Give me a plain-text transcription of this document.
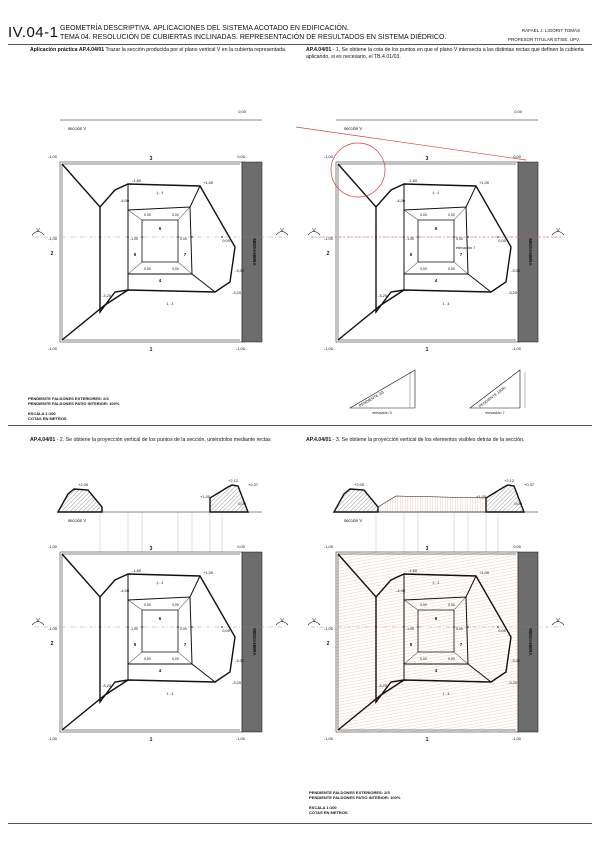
IV.04-1 GEOMETRÍA DESCRIPTIVA. APLICACIONES DEL SISTEMA ACOTADO EN EDIFICACIÓN.
TEMA 04. RESOLUCIÓN DE CUBIERTAS INCLINADAS. REPRESENTACIÓN DE RESULTADOS EN SISTEMA DIÉDRICO.
RAFAEL J. LIGORIT TOMÁS
PROFESOR TITULAR ETSIE. UPV.
Aplicación práctica AP.4.04/01 Trazar la sección producida por el plano vertical V en la cubierta representada.	AP.4.04/01 - 1. Se obtiene la cota de los puntos en que el plano V intersecta a las distintas rectas que definen la cubierta aplicando, si es necesario, el TB.4.01/03.
AP.4.04/01 - 2. Se obtiene la proyección vertical de los puntos de la sección, uniéndolos mediante rectas	AP.4.04/01 - 3. Se obtiene la proyección vertical de los elementos visibles detrás de la sección.
PENDIENTE FALDONES EXTERIORES: 2/3
PENDIENTE FALDONES PATIO INTERIOR: 100%
ESCALA 1:100
COTAS EN METROS
PENDIENTE FALDONES EXTERIORES: 2/3
PENDIENTE FALDONES PATIO INTERIOR: 100%
ESCALA 1:100
COTAS EN METROS
sección V
0,00
MEDIANERA
V	V
-1,00	0,00
-1,00	-1,00
-1,00	0,00
-1,60	+1,00
-4,00
-3,00
-3,20
-3,20
0,00	0,00
0,00	0,00
-1,00	0,00
3
1
2
6
5	7
4
3 - 4
1 - 4
sección V
0,00
MEDIANERA
V	V
-1,00	0,00
-1,00	-1,00
-1,00	0,00
-1,60	+1,00
-4,00
-3,00
-3,20
-3,20
0,00	0,00
0,00	0,00
-1,00	0,00
3
1
2
6
5	7
4
3 - 4
1 - 4
elevación 7
PENDIENTE 2/3
elevación 3
PENDIENTE 100%
elevación 7
sección V
+2,00
+2,12
+0,37
+1,00
MEDIANERA
V	V
-1,00	0,00
-1,00	-1,00
-1,00	0,00
-1,60	+1,00
-4,00
-3,00
-3,20
-3,20
0,00	0,00
0,00	0,00
-1,00	0,00
3
1
2
6
5	7
4
3 - 4
1 - 4
sección V
+2,00
+2,12
+0,37
+1,00
MEDIANERA
V	V
-1,00	0,00
-1,00	-1,00
-1,00	0,00
-1,60	+1,00
-4,00
-3,00
-3,20
-3,20
0,00	0,00
0,00	0,00
-1,00	0,00
3
1
2
6
5	7
4
3 - 4
1 - 4
